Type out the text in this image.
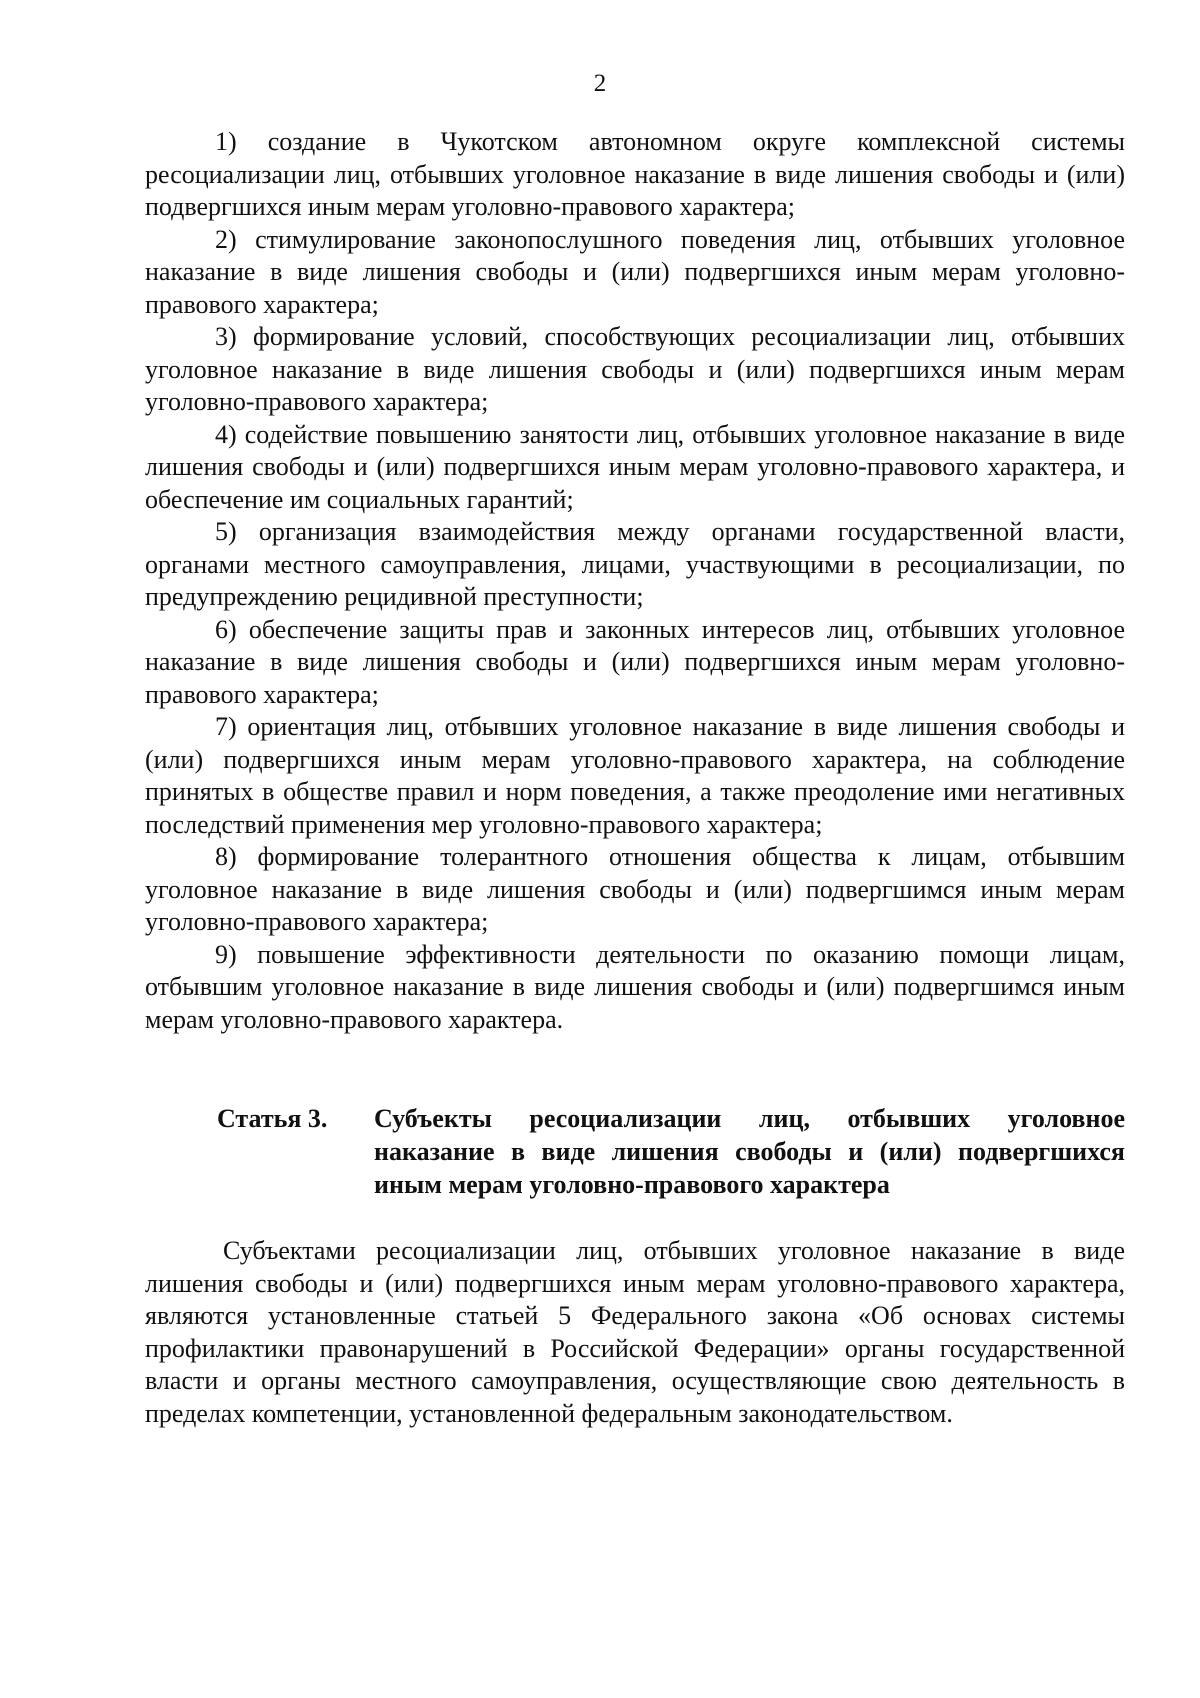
2

1) создание в Чукотском автономном округе комплексной системы ресоциализации лиц, отбывших уголовное наказание в виде лишения свободы и (или) подвергшихся иным мерам уголовно-правового характера;

2) стимулирование законопослушного поведения лиц, отбывших уголовное наказание в виде лишения свободы и (или) подвергшихся иным мерам уголовно-правового характера;

3) формирование условий, способствующих ресоциализации лиц, отбывших уголовное наказание в виде лишения свободы и (или) подвергшихся иным мерам уголовно-правового характера;

4) содействие повышению занятости лиц, отбывших уголовное наказание в виде лишения свободы и (или) подвергшихся иным мерам уголовно-правового характера, и обеспечение им социальных гарантий;

5) организация взаимодействия между органами государственной власти, органами местного самоуправления, лицами, участвующими в ресоциализации, по предупреждению рецидивной преступности;

6) обеспечение защиты прав и законных интересов лиц, отбывших уголовное наказание в виде лишения свободы и (или) подвергшихся иным мерам уголовно-правового характера;

7) ориентация лиц, отбывших уголовное наказание в виде лишения свободы и (или) подвергшихся иным мерам уголовно-правового характера, на соблюдение принятых в обществе правил и норм поведения, а также преодоление ими негативных последствий применения мер уголовно-правового характера;

8) формирование толерантного отношения общества к лицам, отбывшим уголовное наказание в виде лишения свободы и (или) подвергшимся иным мерам уголовно-правового характера;

9) повышение эффективности деятельности по оказанию помощи лицам, отбывшим уголовное наказание в виде лишения свободы и (или) подвергшимся иным мерам уголовно-правового характера.

Статья 3.	Субъекты ресоциализации лиц, отбывших уголовное наказание в виде лишения свободы и (или) подвергшихся иным мерам уголовно-правового характера

Субъектами ресоциализации лиц, отбывших уголовное наказание в виде лишения свободы и (или) подвергшихся иным мерам уголовно-правового характера, являются установленные статьей 5 Федерального закона «Об основах системы профилактики правонарушений в Российской Федерации» органы государственной власти и органы местного самоуправления, осуществляющие свою деятельность в пределах компетенции, установленной федеральным законодательством.
